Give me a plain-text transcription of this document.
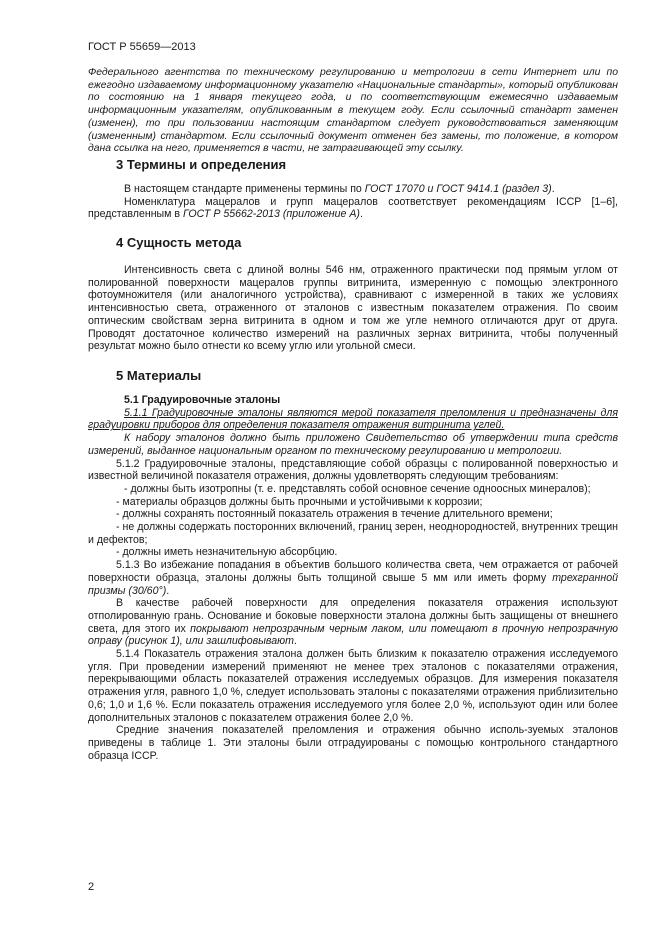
ГОСТ Р 55659—2013
Федерального агентства по техническому регулированию и метрологии в сети Интернет или по ежегодно издаваемому информационному указателю «Национальные стандарты», который опубликован по состоянию на 1 января текущего года, и по соответствующим ежемесячно издаваемым информационным указателям, опубликованным в текущем году. Если ссылочный стандарт заменен (изменен), то при пользовании настоящим стандартом следует руководствоваться заменяющим (измененным) стандартом. Если ссылочный документ отменен без замены, то положение, в котором дана ссылка на него, применяется в части, не затрагивающей эту ссылку.
3 Термины и определения

В настоящем стандарте применены термины по ГОСТ 17070 и ГОСТ 9414.1 (раздел 3).

Номенклатура мацералов и групп мацералов соответствует рекомендациям ICCP [1–6], представленным в ГОСТ Р 55662-2013 (приложение А).

4 Сущность метода

Интенсивность света с длиной волны 546 нм, отраженного практически под прямым углом от полированной поверхности мацералов группы витринита, измеренную с помощью электронного фотоумножителя (или аналогичного устройства), сравнивают с измеренной в таких же условиях интенсивностью света, отраженного от эталонов с известным показателем отражения. По своим оптическим свойствам зерна витринита в одном и том же угле немного отличаются друг от друга. Проводят достаточное количество измерений на различных зернах витринита, чтобы полученный результат можно было отнести ко всему углю или угольной смеси.

5 Материалы

5.1 Градуировочные эталоны

5.1.1 Градуировочные эталоны являются мерой показателя преломления и предназначены для градуировки приборов для определения показателя отражения витринита углей.

К набору эталонов должно быть приложено Свидетельство об утверждении типа средств измерений, выданное национальным органом по техническому регулированию и метрологии.

5.1.2 Градуировочные эталоны, представляющие собой образцы с полированной поверхностью и известной величиной показателя отражения, должны удовлетворять следующим требованиям:

- должны быть изотропны (т. е. представлять собой основное сечение одноосных минералов);

- материалы образцов должны быть прочными и устойчивыми к коррозии;

- должны сохранять постоянный показатель отражения в течение длительного времени;

- не должны содержать посторонних включений, границ зерен, неоднородностей, внутренних трещин и дефектов;

- должны иметь незначительную абсорбцию.

5.1.3 Во избежание попадания в объектив большого количества света, чем отражается от рабочей поверхности образца, эталоны должны быть толщиной свыше 5 мм или иметь форму трехгранной призмы (30/60°).

В качестве рабочей поверхности для определения показателя отражения используют отполированную грань. Основание и боковые поверхности эталона должны быть защищены от внешнего света, для этого их покрывают непрозрачным черным лаком, или помещают в прочную непрозрачную оправу (рисунок 1), или зашлифовывают.

5.1.4 Показатель отражения эталона должен быть близким к показателю отражения исследуемого угля. При проведении измерений применяют не менее трех эталонов с показателями отражения, перекрывающими область показателей отражения исследуемых образцов. Для измерения показателя отражения угля, равного 1,0 %, следует использовать эталоны с показателями отражения приблизительно 0,6; 1,0 и 1,6 %. Если показатель отражения исследуемого угля более 2,0 %, используют один или более дополнительных эталонов с показателем отражения более 2,0 %.

Средние значения показателей преломления и отражения обычно исполь-зуемых эталонов приведены в таблице 1. Эти эталоны были отградуированы с помощью контрольного стандартного образца ICCP.

2
